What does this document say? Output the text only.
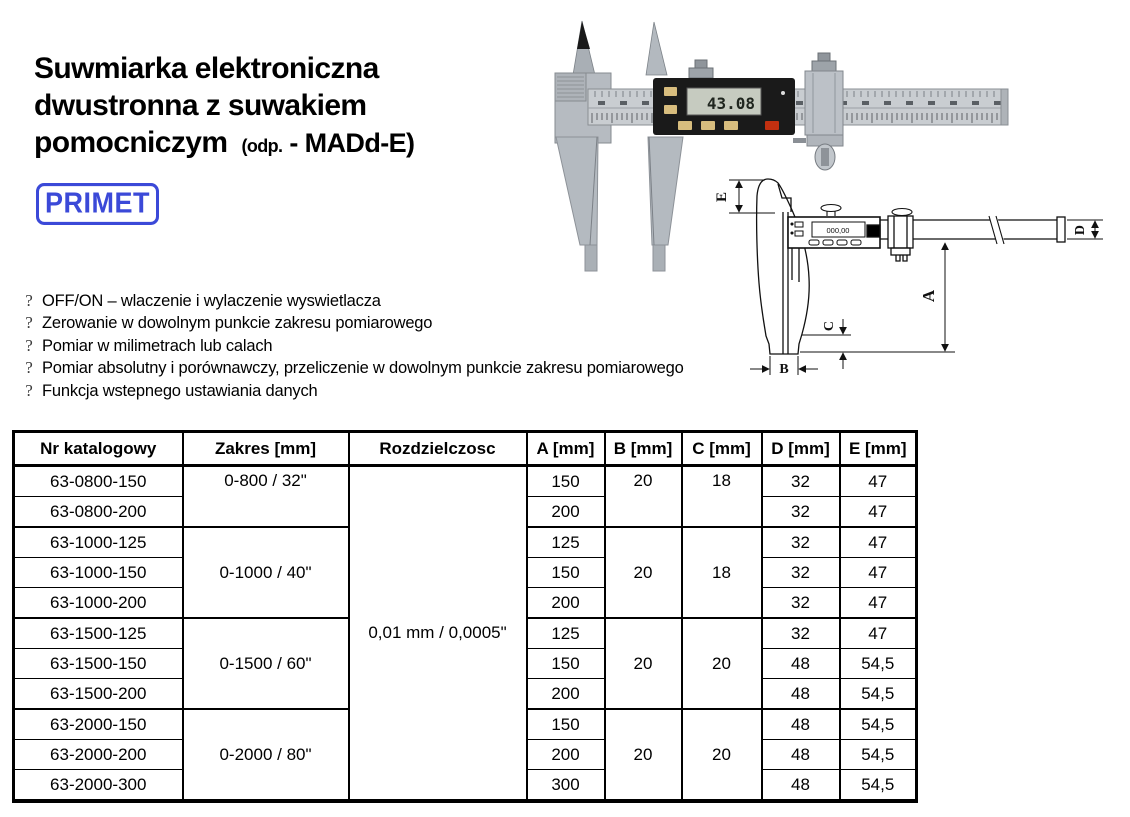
Suwmiarka elektroniczna
dwustronna z suwakiem
pomocniczym (odp. - MADd-E)
PRIMET
? OFF/ON – wlaczenie i wylaczenie wyswietlacza
? Zerowanie w dowolnym punkcie zakresu pomiarowego
? Pomiar w milimetrach lub calach
? Pomiar absolutny i porównawczy, przeliczenie w dowolnym punkcie zakresu pomiarowego
? Funkcja wstepnego ustawiania danych
43.08
E
D
A
C
B
000,00
Nr katalogowy	Zakres [mm]	Rozdzielczosc	A [mm]	B [mm]	C [mm]	D [mm]	E [mm]
63-0800-150	0-800 / 32"	0,01 mm / 0,0005"	150	20	18	32	47
63-0800-200			200			32	47
63-1000-125	0-1000 / 40"		125	20	18	32	47
63-1000-150			150			32	47
63-1000-200			200			32	47
63-1500-125	0-1500 / 60"		125	20	20	32	47
63-1500-150			150			48	54,5
63-1500-200			200			48	54,5
63-2000-150	0-2000 / 80"		150	20	20	48	54,5
63-2000-200			200			48	54,5
63-2000-300			300			48	54,5
